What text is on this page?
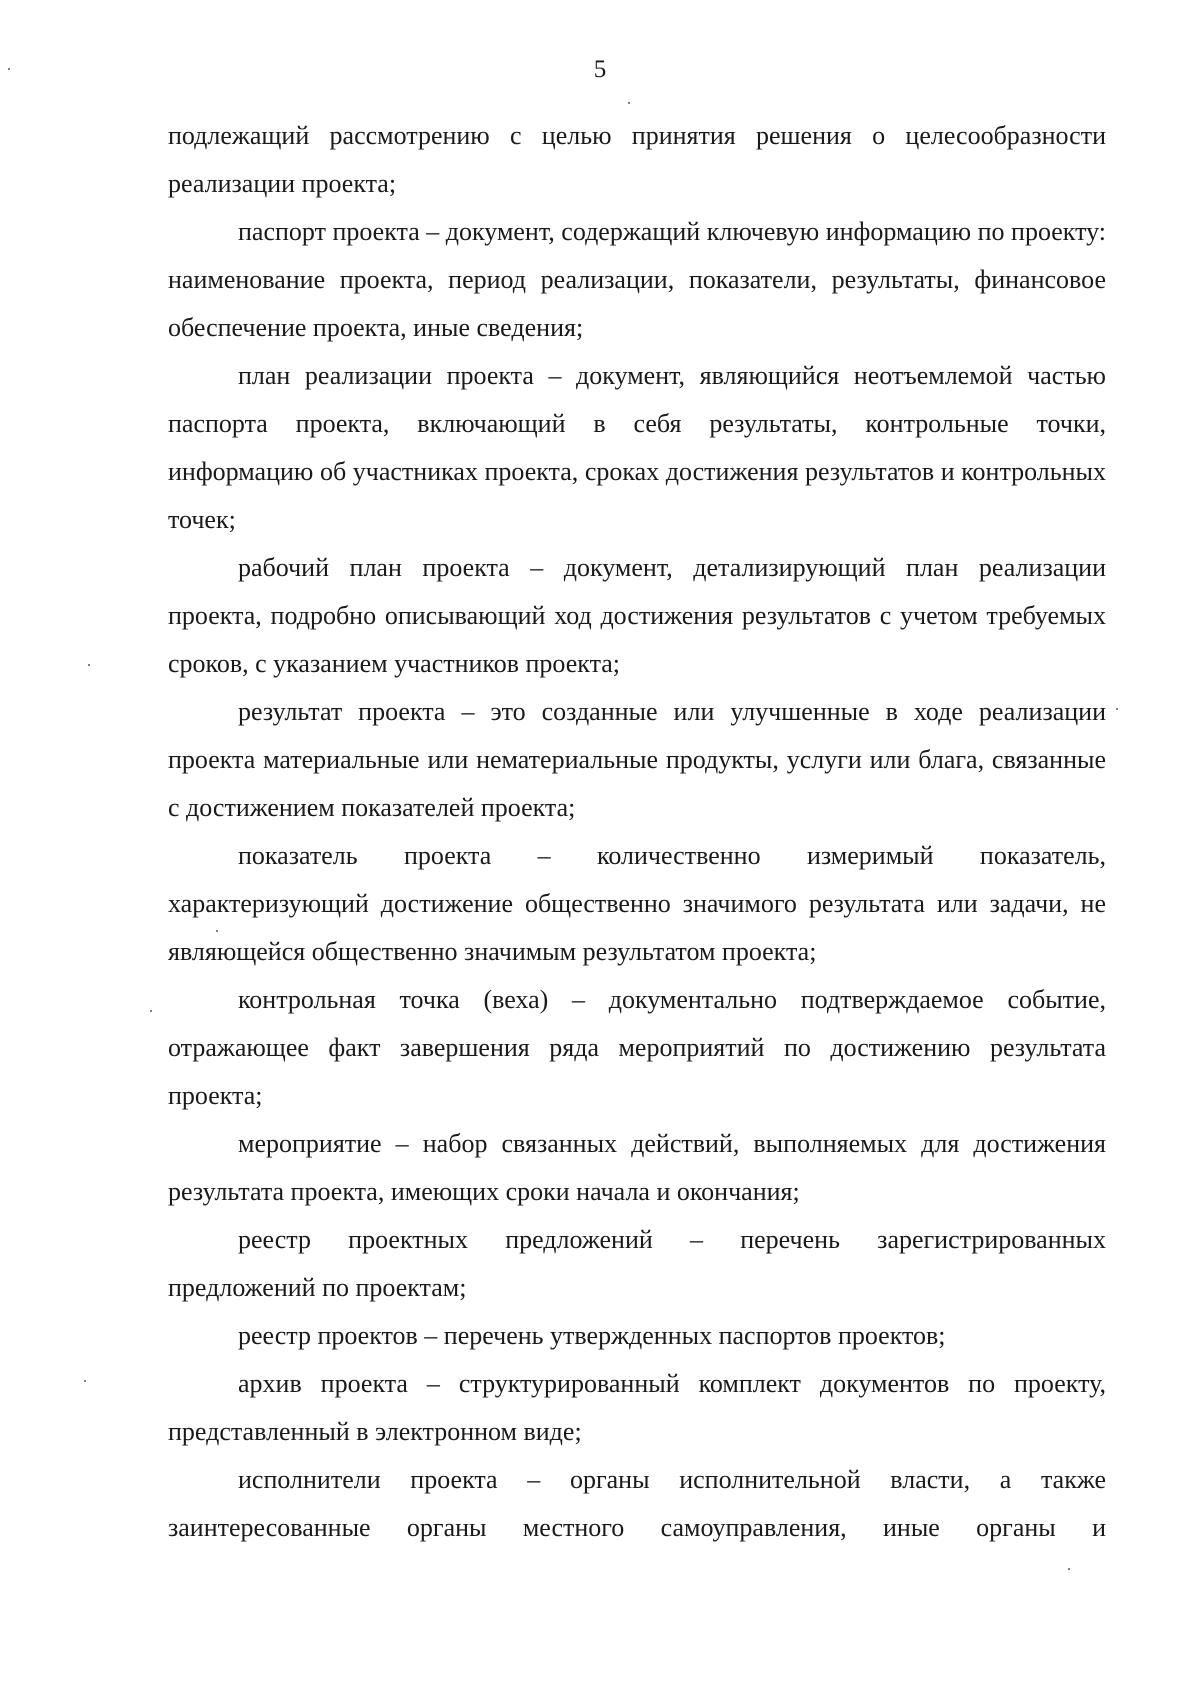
5

подлежащий рассмотрению с целью принятия решения о целесообразности реализации проекта;

паспорт проекта – документ, содержащий ключевую информацию по проекту: наименование проекта, период реализации, показатели, результаты, финансовое обеспечение проекта, иные сведения;

план реализации проекта – документ, являющийся неотъемлемой частью паспорта проекта, включающий в себя результаты, контрольные точки, информацию об участниках проекта, сроках достижения результатов и контрольных точек;

рабочий план проекта – документ, детализирующий план реализации проекта, подробно описывающий ход достижения результатов с учетом требуемых сроков, с указанием участников проекта;

результат проекта – это созданные или улучшенные в ходе реализации проекта материальные или нематериальные продукты, услуги или блага, связанные с достижением показателей проекта;

показатель проекта – количественно измеримый показатель, характеризующий достижение общественно значимого результата или задачи, не являющейся общественно значимым результатом проекта;

контрольная точка (веха) – документально подтверждаемое событие, отражающее факт завершения ряда мероприятий по достижению результата проекта;

мероприятие – набор связанных действий, выполняемых для достижения результата проекта, имеющих сроки начала и окончания;

реестр проектных предложений – перечень зарегистрированных предложений по проектам;

реестр проектов – перечень утвержденных паспортов проектов;

архив проекта – структурированный комплект документов по проекту, представленный в электронном виде;

исполнители проекта – органы исполнительной власти, а также заинтересованные органы местного самоуправления, иные органы и
